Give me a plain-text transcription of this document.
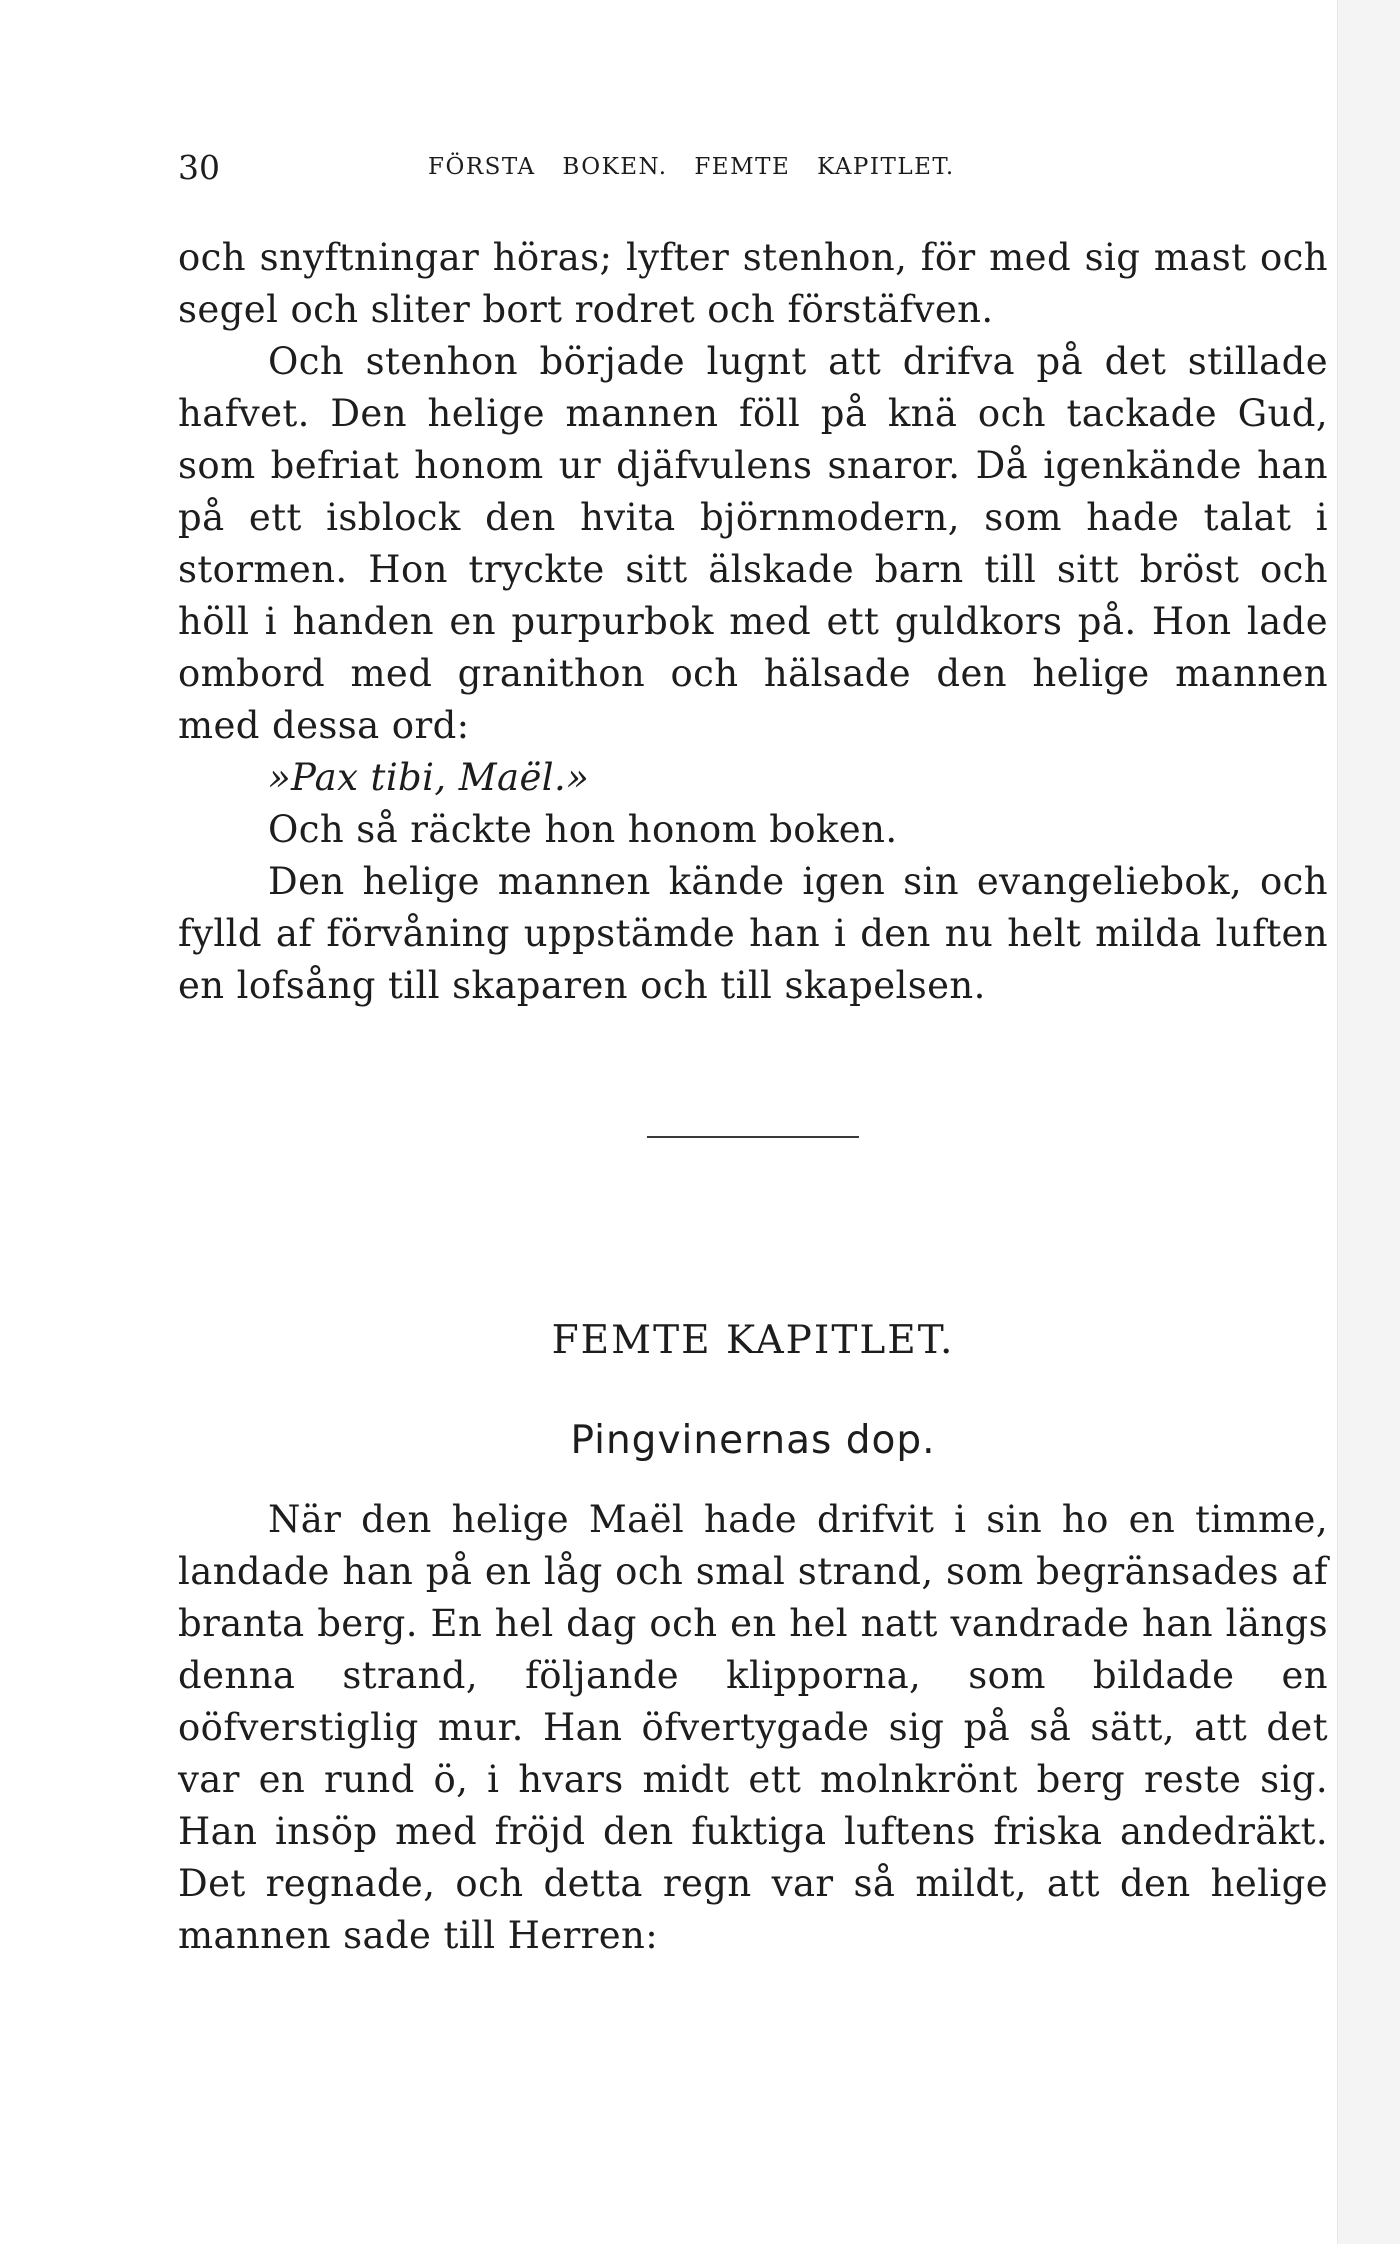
30	FÖRSTA BOKEN. FEMTE KAPITLET.

och snyftningar höras; lyfter stenhon, för med sig mast och segel och sliter bort rodret och förstäfven.

Och stenhon började lugnt att drifva på det stillade hafvet. Den helige mannen föll på knä och tackade Gud, som befriat honom ur djäfvulens snaror. Då igenkände han på ett isblock den hvita björnmodern, som hade talat i stormen. Hon tryckte sitt älskade barn till sitt bröst och höll i handen en purpurbok med ett guldkors på. Hon lade ombord med granithon och hälsade den helige mannen med dessa ord:

»Pax tibi, Maël.»

Och så räckte hon honom boken.

Den helige mannen kände igen sin evangeliebok, och fylld af förvåning uppstämde han i den nu helt milda luften en lofsång till skaparen och till skapelsen.

FEMTE KAPITLET.
Pingvinernas dop.

När den helige Maël hade drifvit i sin ho en timme, landade han på en låg och smal strand, som begränsades af branta berg. En hel dag och en hel natt vandrade han längs denna strand, följande klipporna, som bildade en oöfverstiglig mur. Han öfvertygade sig på så sätt, att det var en rund ö, i hvars midt ett molnkrönt berg reste sig. Han insöp med fröjd den fuktiga luftens friska andedräkt. Det regnade, och detta regn var så mildt, att den helige mannen sade till Herren:
